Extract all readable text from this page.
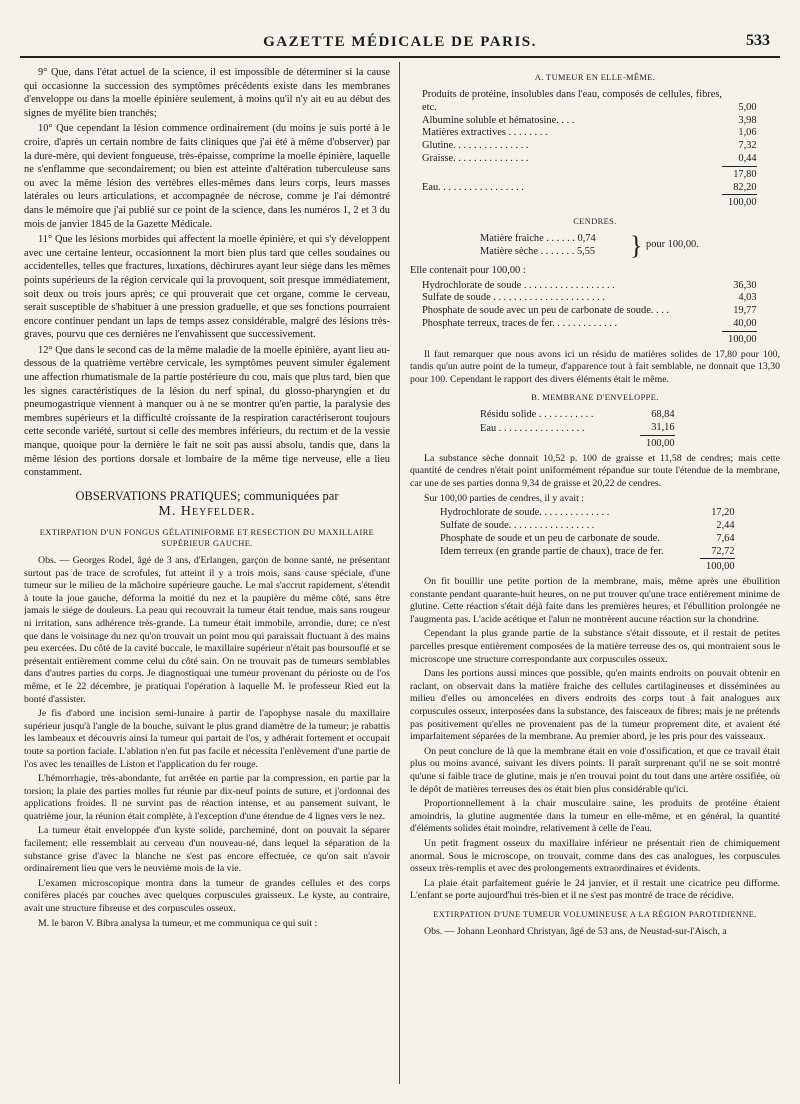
GAZETTE MÉDICALE DE PARIS.	533

9° Que, dans l'état actuel de la science, il est impossible de déterminer si la cause qui occasionne la succession des symptômes précédents existe dans les membranes d'enveloppe ou dans la moelle épinière seulement, à moins qu'il n'y ait eu au début des signes de myélite bien tranchés;

10° Que cependant la lésion commence ordinairement (du moins je suis porté à le croire, d'après un certain nombre de faits cliniques que j'ai été à même d'observer) par la dure-mère, qui devient fongueuse, très-épaisse, comprime la moelle épinière, laquelle ne s'enflamme que secondairement; ou bien est atteinte d'altération tuberculeuse sans ou avec la même lésion des vertèbres elles-mêmes dans leurs corps, leurs masses latérales ou leurs articulations, et accompagnée de nécrose, comme je l'ai démontré dans le mémoire que j'ai publié sur ce point de la science, dans les numéros 1, 2 et 3 du mois de janvier 1845 de la Gazette Médicale.

11° Que les lésions morbides qui affectent la moelle épinière, et qui s'y développent avec une certaine lenteur, occasionnent la mort bien plus tard que celles soudaines ou accidentelles, telles que fractures, luxations, déchirures ayant leur siége dans les mêmes points supérieurs de la région cervicale qui la provoquent, soit presque immédiatement, soit deux ou trois jours après; ce qui prouverait que cet organe, comme le cerveau, serait susceptible de s'habituer à une pression graduelle, et que ses fonctions pourraient encore continuer pendant un laps de temps assez considérable, malgré des lésions très-graves, pourvu que ces dernières ne l'envahissent que successivement.

12° Que dans le second cas de la même maladie de la moelle épinière, ayant lieu au-dessous de la quatrième vertèbre cervicale, les symptômes peuvent simuler également une affection rhumatismale de la partie postérieure du cou, mais que plus tard, bien que les signes caractéristiques de la lésion du nerf spinal, du glosso-pharyngien et du pneumogastrique viennent à manquer ou à ne se montrer qu'en partie, la paralysie des membres supérieurs et la difficulté croissante de la respiration caractériseront toujours cette seconde variété, surtout si celle des membres inférieurs, du rectum et de la vessie manque, quoique pour la dernière le fait ne soit pas aussi absolu, tandis que, dans la même lésion des portions dorsale et lombaire de la même tige nerveuse, elle a lieu constamment.

OBSERVATIONS PRATIQUES; communiquées par
M. Heyfelder.
EXTIRPATION D'UN FONGUS GÉLATINIFORME ET RESECTION DU MAXILLAIRE SUPÉRIEUR GAUCHE.

Obs. — Georges Rodel, âgé de 3 ans, d'Erlangen, garçon de bonne santé, ne présentant surtout pas de trace de scrofules, fut atteint il y a trois mois, sans cause spéciale, d'une tumeur sur le milieu de la mâchoire supérieure gauche. Le mal s'accrut rapidement, s'étendit à toute la joue gauche, déforma la moitié du nez et la paupière du même côté, sans être jamais le siége de douleurs. La peau qui recouvrait la tumeur était tendue, mais sans rougeur ni irritation, sans adhérence très-grande. La tumeur était immobile, arrondie, dure; ce n'est que dans le voisinage du nez qu'on trouvait un point mou qui paraissait fluctuant à des mains peu exercées. Du côté de la cavité buccale, le maxillaire supérieur n'était pas boursouflé et se présentait entièrement comme celui du côté sain. On ne trouvait pas de tumeurs semblables dans d'autres parties du corps. Je diagnostiquai une tumeur provenant du périoste ou de l'os même, et le 22 décembre, je pratiquai l'opération à laquelle M. le professeur Ried eut la bonté d'assister.

Je fis d'abord une incision semi-lunaire à partir de l'apophyse nasale du maxillaire supérieur jusqu'à l'angle de la bouche, suivant le plus grand diamètre de la tumeur; je rabattis les lambeaux et découvris ainsi la tumeur qui partait de l'os, y adhérait fortement et occupait toute sa portion faciale. L'ablation n'en fut pas facile et nécessita l'enlèvement d'une partie de l'os avec les tenailles de Liston et l'application du fer rouge.

L'hémorrhagie, très-abondante, fut arrêtée en partie par la compression, en partie par la torsion; la plaie des parties molles fut réunie par dix-neuf points de suture, et j'ordonnai des applications froides. Il ne survint pas de réaction intense, et au pansement suivant, le quatrième jour, la réunion était complète, à l'exception d'une étendue de 4 lignes vers le nez.

La tumeur était enveloppée d'un kyste solide, parcheminé, dont on pouvait la séparer facilement; elle ressemblait au cerveau d'un nouveau-né, dans lequel la séparation de la substance grise d'avec la blanche ne s'est pas encore effectuée, ce qu'on sait n'avoir ordinairement lieu que vers le neuvième mois de la vie.

L'examen microscopique montra dans la tumeur de grandes cellules et des corps conifères placés par couches avec quelques corpuscules graisseux. Le kyste, au contraire, avait une structure fibreuse et des corpuscules osseux.

M. le baron V. Bibra analysa la tumeur, et me communiqua ce qui suit :

A. TUMEUR EN ELLE-MÊME.
Produits de protéine, insolubles dans l'eau, composés de cellules, fibres, etc.	5,00
Albumine soluble et hématosine. . . .	3,98
Matières extractives . . . . . . . .	1,06
Glutine. . . . . . . . . . . . . . .	7,32
Graisse. . . . . . . . . . . . . . .	0,44
	17,80
Eau. . . . . . . . . . . . . . . . .	82,20
	100,00
CENDRES.
Matière fraiche . . . . . . 0,74
Matière sèche . . . . . . . 5,55	} pour 100,00.

Elle contenait pour 100,00 :

Hydrochlorate de soude . . . . . . . . . . . . . . . . . .	36,30
Sulfate de soude . . . . . . . . . . . . . . . . . . . . . .	4,03
Phosphate de soude avec un peu de carbonate de soude. . . .	19,77
Phosphate terreux, traces de fer. . . . . . . . . . . . .	40,00
	100,00

Il faut remarquer que nous avons ici un résidu de matières solides de 17,80 pour 100, tandis qu'un autre point de la tumeur, d'apparence tout à fait semblable, ne donnait que 13,30 pour 100. Cependant le rapport des divers éléments était le même.

B. MEMBRANE D'ENVELOPPE.
Résidu solide . . . . . . . . . . .	68,84
Eau . . . . . . . . . . . . . . . . .	31,16
	100,00

La substance sèche donnait 10,52 p. 100 de graisse et 11,58 de cendres; mais cette quantité de cendres n'était point uniformément répandue sur toute l'étendue de la membrane, car une de ses parties donna 9,34 de graisse et 20,22 de cendres.

Sur 100,00 parties de cendres, il y avait :

Hydrochlorate de soude. . . . . . . . . . . . . .	17,20
Sulfate de soude. . . . . . . . . . . . . . . . .	2,44
Phosphate de soude et un peu de carbonate de soude.	7,64
Idem terreux (en grande partie de chaux), trace de fer.	72,72
	100,00

On fit bouillir une petite portion de la membrane, mais, même après une ébullition constante pendant quarante-huit heures, on ne put trouver qu'une trace entièrement minime de glutine. Cette réaction s'était déjà faite dans les premières heures, et l'ébullition prolongée ne l'augmenta pas. L'acide acétique et l'alun ne montrèrent aucune réaction sur la chondrine.

Cependant la plus grande partie de la substance s'était dissoute, et il restait de petites parcelles presque entièrement composées de la matière terreuse des os, qui montraient sous le microscope une structure correspondante aux corpuscules osseux.

Dans les portions aussi minces que possible, qu'en maints endroits on pouvait obtenir en raclant, on observait dans la matière fraiche des cellules cartilagineuses et disséminées au milieu d'elles ou amoncelées en divers endroits des corps tout à fait analogues aux corpuscules osseux, interposées dans la substance, des faisceaux de fibres; mais je ne prétends pas positivement qu'elles ne provenaient pas de la tumeur proprement dite, et avaient été imparfaitement séparées de la membrane. Au premier abord, je les pris pour des vaisseaux.

On peut conclure de là que la membrane était en voie d'ossification, et que ce travail était plus ou moins avancé, suivant les divers points. Il paraît surprenant qu'il ne se soit montré qu'une si faible trace de glutine, mais je n'en trouvai point du tout dans une artère ossifiée, où le dépôt de matières terreuses des os était bien plus considérable qu'ici.

Proportionnellement à la chair musculaire saine, les produits de protéine étaient amoindris, la glutine augmentée dans la tumeur en elle-même, et en général, la quantité d'éléments solides était moindre, relativement à celle de l'eau.

Un petit fragment osseux du maxillaire inférieur ne présentait rien de chimiquement anormal. Sous le microscope, on trouvait, comme dans des cas analogues, les corpuscules osseux très-remplis et avec des prolongements extraordinaires et évidents.

La plaie était parfaitement guérie le 24 janvier, et il restait une cicatrice peu difforme. L'enfant se porte aujourd'hui très-bien et il ne s'est pas montré de trace de récidive.

EXTIRPATION D'UNE TUMEUR VOLUMINEUSE A LA RÉGION PAROTIDIENNE.

Obs. — Johann Leonhard Christyan, âgé de 53 ans, de Neustad-sur-l'Aisch, a
